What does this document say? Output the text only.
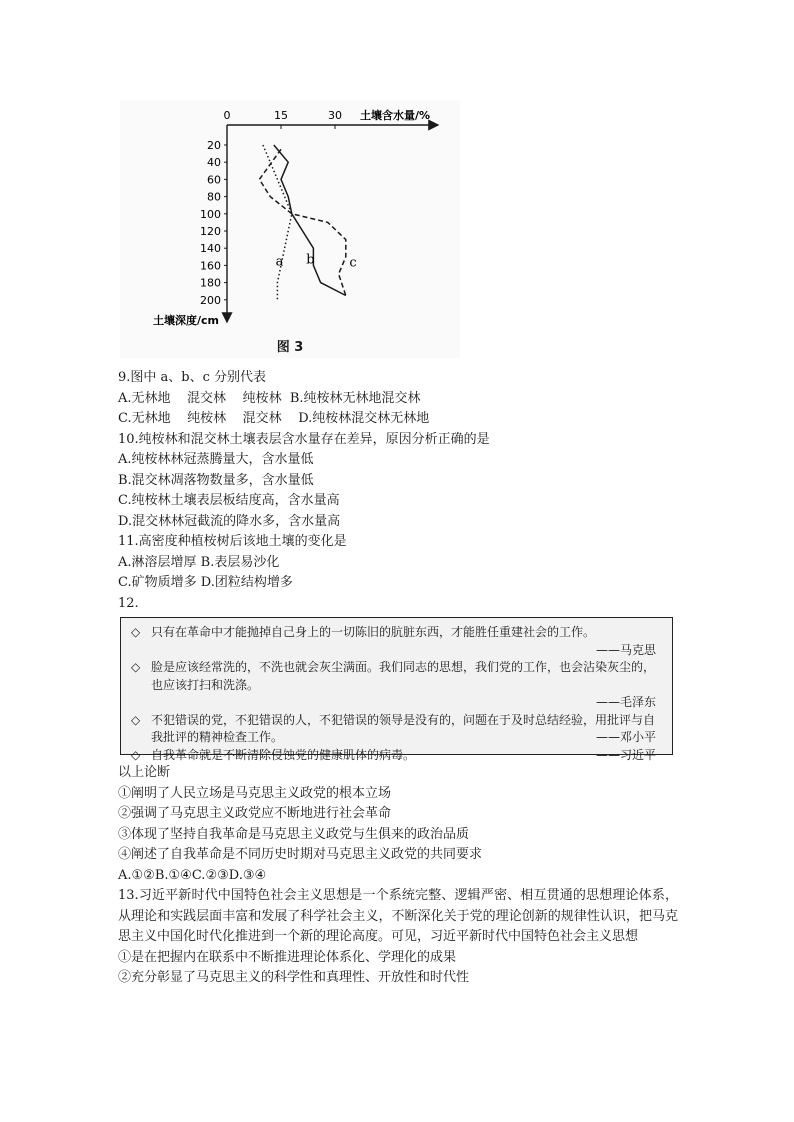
土壤含水量/%
土壤深度/cm
0	15	30
20
40
60
80
100
120
140
160
180
200
a b	c
图 3
9.图中 a、b、c 分别代表
A.无林地    混交林    纯桉林  B.纯桉林无林地混交林
C.无林地    纯桉林    混交林    D.纯桉林混交林无林地
10.纯桉林和混交林土壤表层含水量存在差异，原因分析正确的是
A.纯桉林林冠蒸腾量大，含水量低
B.混交林凋落物数量多，含水量低
C.纯桉林土壤表层板结度高，含水量高
D.混交林林冠截流的降水多，含水量高
11.高密度种植桉树后该地土壤的变化是
A.淋溶层增厚 B.表层易沙化
C.矿物质增多 D.团粒结构增多
12.
◇ 只有在革命中才能抛掉自己身上的一切陈旧的肮脏东西，才能胜任重建社会的工作。
——马克思
◇ 脸是应该经常洗的，不洗也就会灰尘满面。我们同志的思想，我们党的工作，也会沾染灰尘的，也应该打扫和洗涤。
——毛泽东
◇ 不犯错误的党，不犯错误的人，不犯错误的领导是没有的，问题在于及时总结经验，用批评与自我批评的精神检查工作。	——邓小平
◇ 自我革命就是不断清除侵蚀党的健康肌体的病毒。	——习近平
以上论断
①阐明了人民立场是马克思主义政党的根本立场
②强调了马克思主义政党应不断地进行社会革命
③体现了坚持自我革命是马克思主义政党与生俱来的政治品质
④阐述了自我革命是不同历史时期对马克思主义政党的共同要求
A.①②B.①④C.②③D.③④
13.习近平新时代中国特色社会主义思想是一个系统完整、逻辑严密、相互贯通的思想理论体系，从理论和实践层面丰富和发展了科学社会主义，不断深化关于党的理论创新的规律性认识，把马克思主义中国化时代化推进到一个新的理论高度。可见，习近平新时代中国特色社会主义思想
①是在把握内在联系中不断推进理论体系化、学理化的成果
②充分彰显了马克思主义的科学性和真理性、开放性和时代性
